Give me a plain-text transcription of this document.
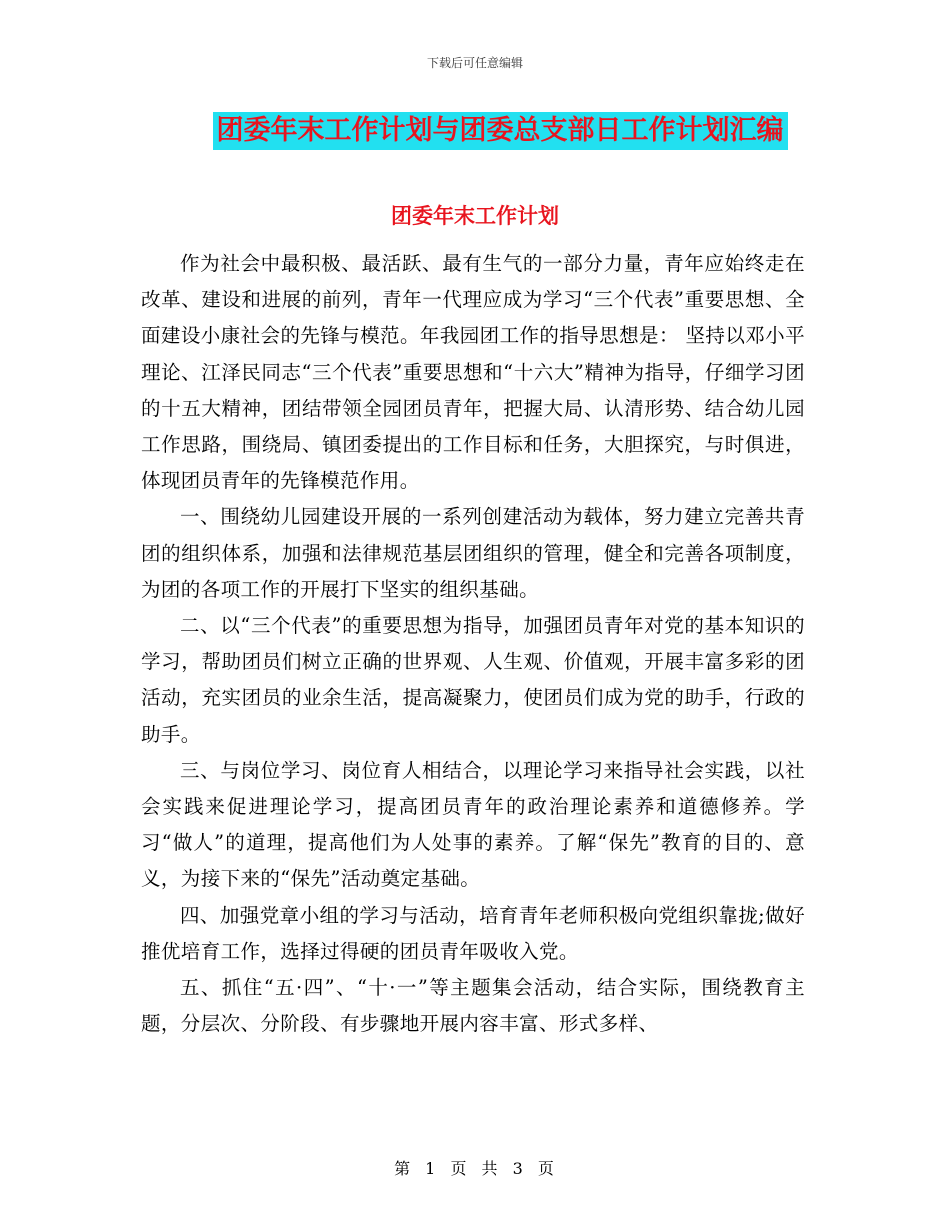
下载后可任意编辑
团委年末工作计划与团委总支部日工作计划汇编
团委年末工作计划

作为社会中最积极、最活跃、最有生气的一部分力量，青年应始终走在改革、建设和进展的前列，青年一代理应成为学习“三个代表”重要思想、全面建设小康社会的先锋与模范。年我园团工作的指导思想是： 坚持以邓小平理论、江泽民同志“三个代表”重要思想和“十六大”精神为指导，仔细学习团的十五大精神，团结带领全园团员青年，把握大局、认清形势、结合幼儿园工作思路，围绕局、镇团委提出的工作目标和任务，大胆探究，与时俱进，体现团员青年的先锋模范作用。

一、围绕幼儿园建设开展的一系列创建活动为载体，努力建立完善共青团的组织体系，加强和法律规范基层团组织的管理，健全和完善各项制度，为团的各项工作的开展打下坚实的组织基础。

二、以“三个代表”的重要思想为指导，加强团员青年对党的基本知识的学习，帮助团员们树立正确的世界观、人生观、价值观，开展丰富多彩的团活动，充实团员的业余生活，提高凝聚力，使团员们成为党的助手，行政的助手。

三、与岗位学习、岗位育人相结合，以理论学习来指导社会实践，以社会实践来促进理论学习，提高团员青年的政治理论素养和道德修养。学习“做人”的道理，提高他们为人处事的素养。了解“保先”教育的目的、意义，为接下来的“保先”活动奠定基础。

四、加强党章小组的学习与活动，培育青年老师积极向党组织靠拢;做好推优培育工作，选择过得硬的团员青年吸收入党。

五、抓住“五·四”、“十·一”等主题集会活动，结合实际，围绕教育主题，分层次、分阶段、有步骤地开展内容丰富、形式多样、

第 1 页 共 3 页
